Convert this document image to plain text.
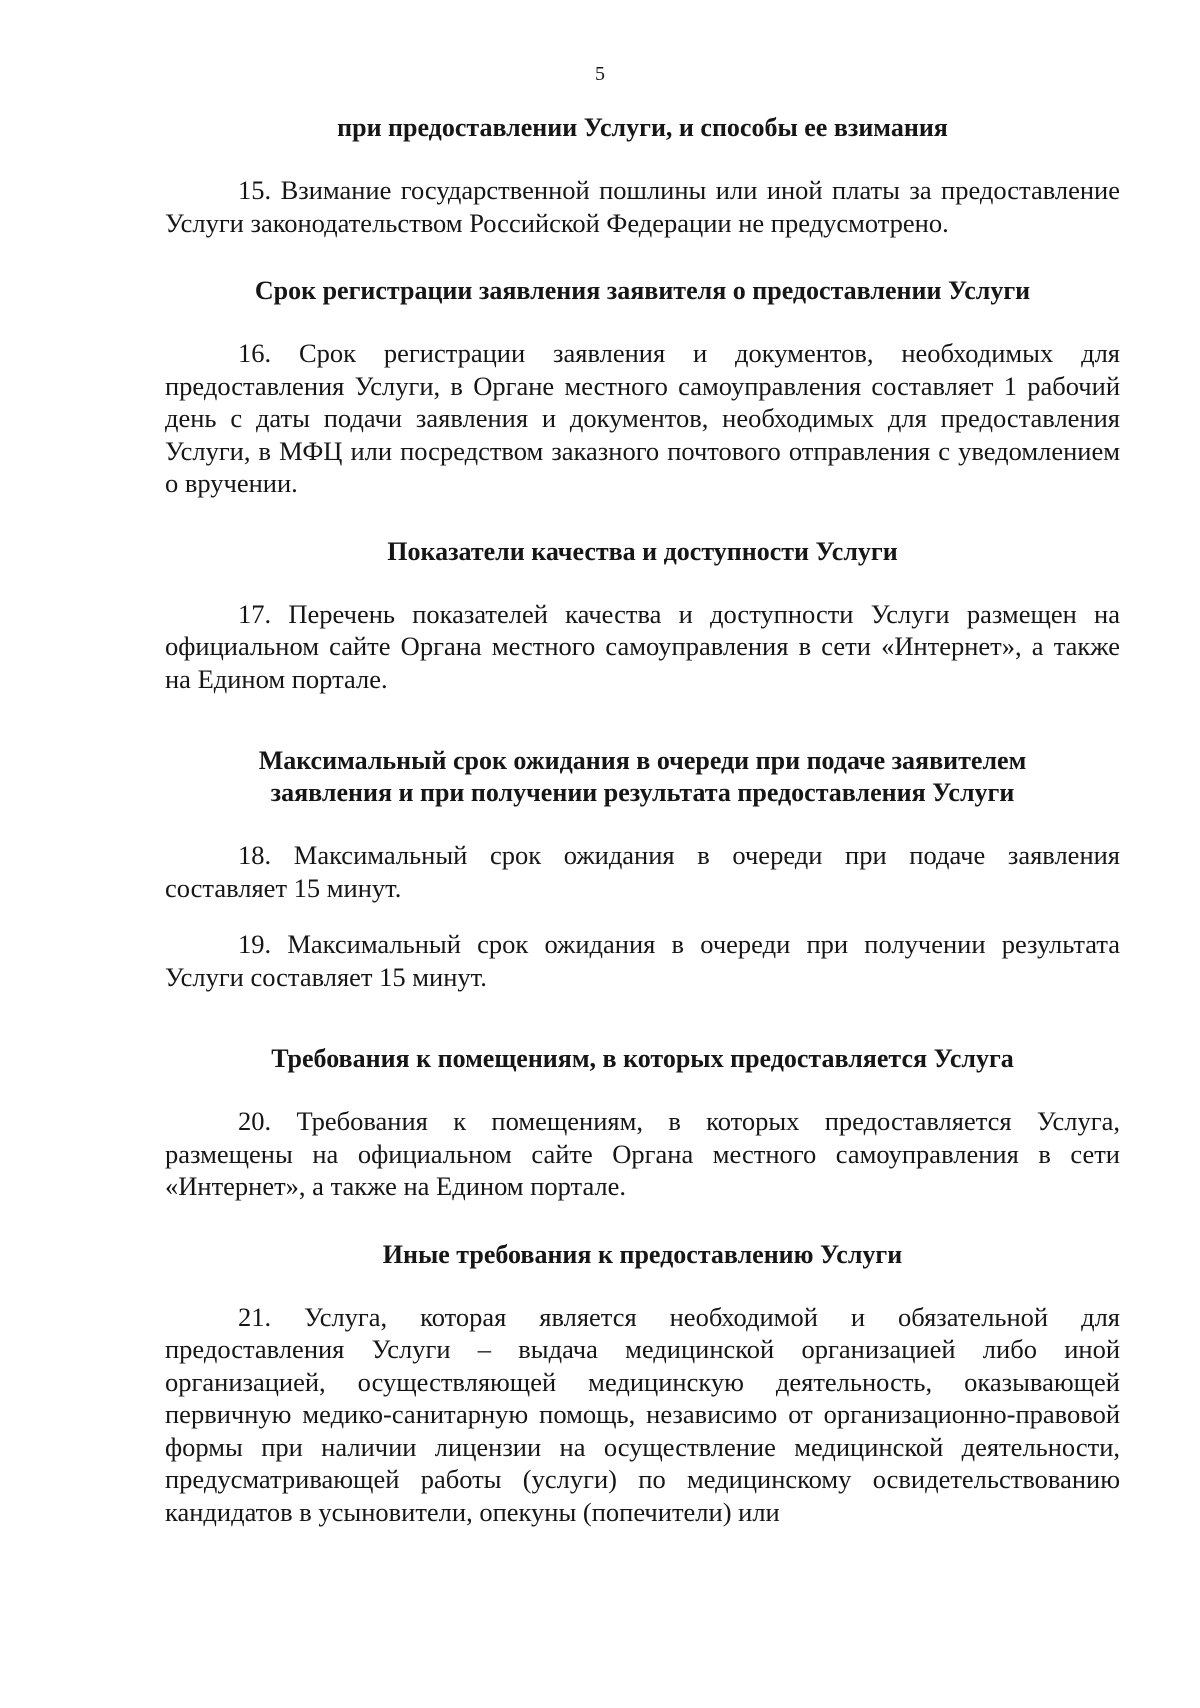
5
при предоставлении Услуги, и способы ее взимания

15. Взимание государственной пошлины или иной платы за предоставление Услуги законодательством Российской Федерации не предусмотрено.

Срок регистрации заявления заявителя о предоставлении Услуги

16. Срок регистрации заявления и документов, необходимых для предоставления Услуги, в Органе местного самоуправления составляет 1 рабочий день с даты подачи заявления и документов, необходимых для предоставления Услуги, в МФЦ или посредством заказного почтового отправления с уведомлением о вручении.

Показатели качества и доступности Услуги

17. Перечень показателей качества и доступности Услуги размещен на официальном сайте Органа местного самоуправления в сети «Интернет», а также на Едином портале.

Максимальный срок ожидания в очереди при подаче заявителем
заявления и при получении результата предоставления Услуги

18. Максимальный срок ожидания в очереди при подаче заявления составляет 15 минут.

19. Максимальный срок ожидания в очереди при получении результата Услуги составляет 15 минут.

Требования к помещениям, в которых предоставляется Услуга

20. Требования к помещениям, в которых предоставляется Услуга, размещены на официальном сайте Органа местного самоуправления в сети «Интернет», а также на Едином портале.

Иные требования к предоставлению Услуги

21. Услуга, которая является необходимой и обязательной для предоставления Услуги – выдача медицинской организацией либо иной организацией, осуществляющей медицинскую деятельность, оказывающей первичную медико-санитарную помощь, независимо от организационно-правовой формы при наличии лицензии на осуществление медицинской деятельности, предусматривающей работы (услуги) по медицинскому освидетельствованию кандидатов в усыновители, опекуны (попечители) или
